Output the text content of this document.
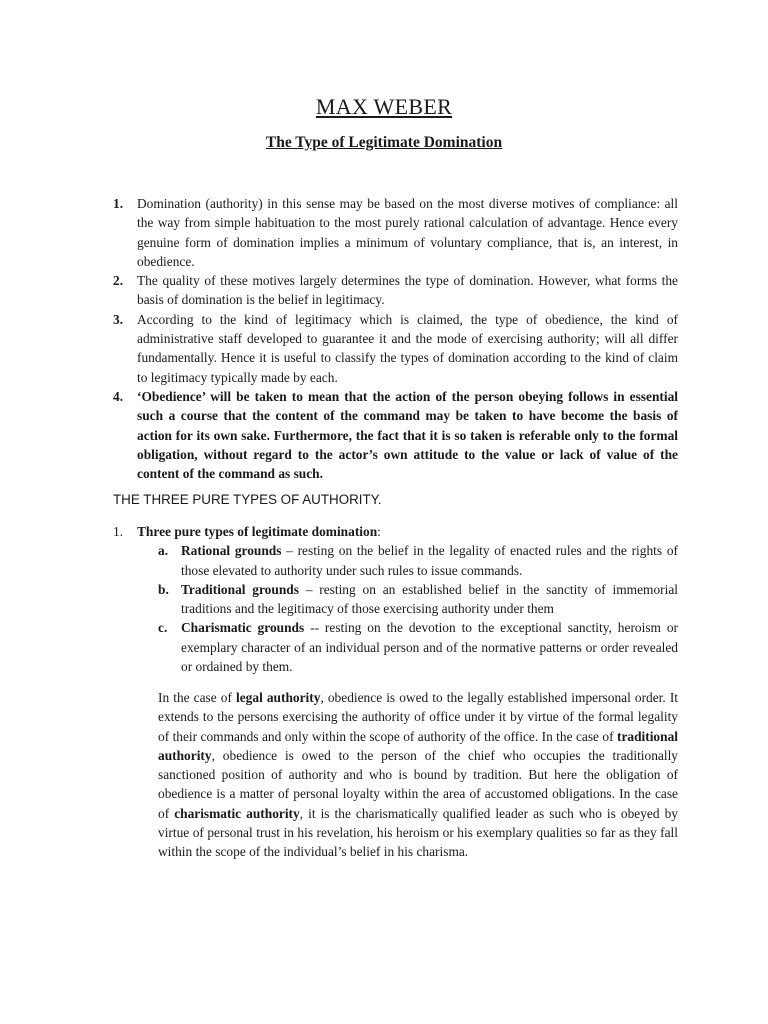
MAX WEBER
The Type of Legitimate Domination
1. Domination (authority) in this sense may be based on the most diverse motives of compliance: all the way from simple habituation to the most purely rational calculation of advantage. Hence every genuine form of domination implies a minimum of voluntary compliance, that is, an interest, in obedience.
2. The quality of these motives largely determines the type of domination. However, what forms the basis of domination is the belief in legitimacy.
3. According to the kind of legitimacy which is claimed, the type of obedience, the kind of administrative staff developed to guarantee it and the mode of exercising authority; will all differ fundamentally. Hence it is useful to classify the types of domination according to the kind of claim to legitimacy typically made by each.
4. ‘Obedience’ will be taken to mean that the action of the person obeying follows in essential such a course that the content of the command may be taken to have become the basis of action for its own sake. Furthermore, the fact that it is so taken is referable only to the formal obligation, without regard to the actor’s own attitude to the value or lack of value of the content of the command as such.
THE THREE PURE TYPES OF AUTHORITY.
1. Three pure types of legitimate domination:
a. Rational grounds – resting on the belief in the legality of enacted rules and the rights of those elevated to authority under such rules to issue commands.
b. Traditional grounds – resting on an established belief in the sanctity of immemorial traditions and the legitimacy of those exercising authority under them
c. Charismatic grounds -- resting on the devotion to the exceptional sanctity, heroism or exemplary character of an individual person and of the normative patterns or order revealed or ordained by them.

In the case of legal authority, obedience is owed to the legally established impersonal order. It extends to the persons exercising the authority of office under it by virtue of the formal legality of their commands and only within the scope of authority of the office. In the case of traditional authority, obedience is owed to the person of the chief who occupies the traditionally sanctioned position of authority and who is bound by tradition. But here the obligation of obedience is a matter of personal loyalty within the area of accustomed obligations. In the case of charismatic authority, it is the charismatically qualified leader as such who is obeyed by virtue of personal trust in his revelation, his heroism or his exemplary qualities so far as they fall within the scope of the individual’s belief in his charisma.
